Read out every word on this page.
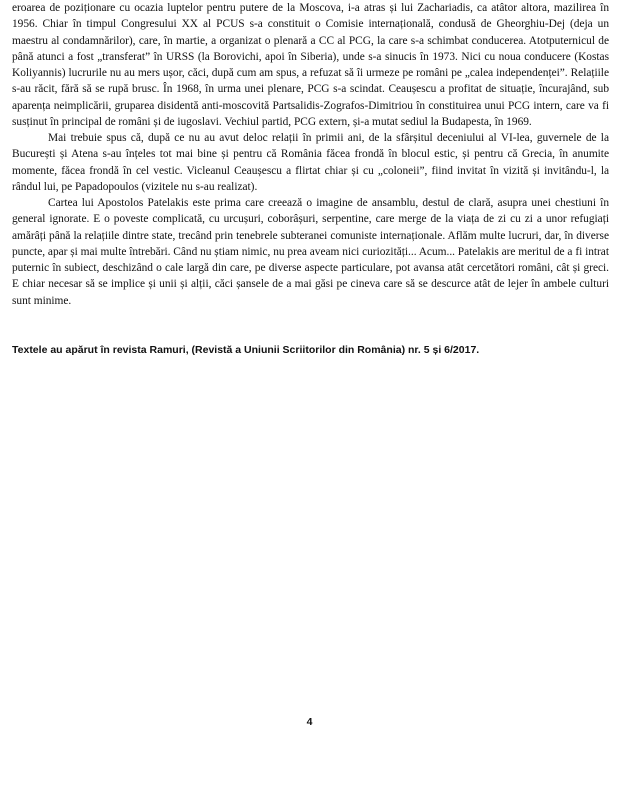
eroarea de poziționare cu ocazia luptelor pentru putere de la Moscova, i-a atras și lui Zachariadis, ca atâtor altora, mazilirea în 1956. Chiar în timpul Congresului XX al PCUS s-a constituit o Comisie internațională, condusă de Gheorghiu-Dej (deja un maestru al condamnărilor), care, în martie, a organizat o plenară a CC al PCG, la care s-a schimbat conducerea. Atotputernicul de până atunci a fost „transferat” în URSS (la Borovichi, apoi în Siberia), unde s-a sinucis în 1973. Nici cu noua conducere (Kostas Koliyannis) lucrurile nu au mers ușor, căci, după cum am spus, a refuzat să îi urmeze pe români pe „calea independenței”. Relațiile s-au răcit, fără să se rupă brusc. În 1968, în urma unei plenare, PCG s-a scindat. Ceaușescu a profitat de situație, încurajând, sub aparența neimplicării, gruparea disidentă anti-moscovită Partsalidis-Zografos-Dimitriou în constituirea unui PCG intern, care va fi susținut în principal de români și de iugoslavi. Vechiul partid, PCG extern, și-a mutat sediul la Budapesta, în 1969.

Mai trebuie spus că, după ce nu au avut deloc relații în primii ani, de la sfârșitul deceniului al VI-lea, guvernele de la București și Atena s-au înțeles tot mai bine și pentru că România făcea frondă în blocul estic, și pentru că Grecia, în anumite momente, făcea frondă în cel vestic. Vicleanul Ceaușescu a flirtat chiar și cu „coloneii”, fiind invitat în vizită și invitându-l, la rândul lui, pe Papadopoulos (vizitele nu s-au realizat).

Cartea lui Apostolos Patelakis este prima care creează o imagine de ansamblu, destul de clară, asupra unei chestiuni în general ignorate. E o poveste complicată, cu urcușuri, coborâșuri, serpentine, care merge de la viața de zi cu zi a unor refugiați amărâți până la relațiile dintre state, trecând prin tenebrele subteranei comuniste internaționale. Aflăm multe lucruri, dar, în diverse puncte, apar și mai multe întrebări. Când nu știam nimic, nu prea aveam nici curiozități... Acum... Patelakis are meritul de a fi intrat puternic în subiect, deschizând o cale largă din care, pe diverse aspecte particulare, pot avansa atât cercetători români, cât și greci. E chiar necesar să se implice și unii și alții, căci șansele de a mai găsi pe cineva care să se descurce atât de lejer în ambele culturi sunt minime.

Textele au apărut în revista Ramuri, (Revistă a Uniunii Scriitorilor din România) nr. 5 și 6/2017.
4
